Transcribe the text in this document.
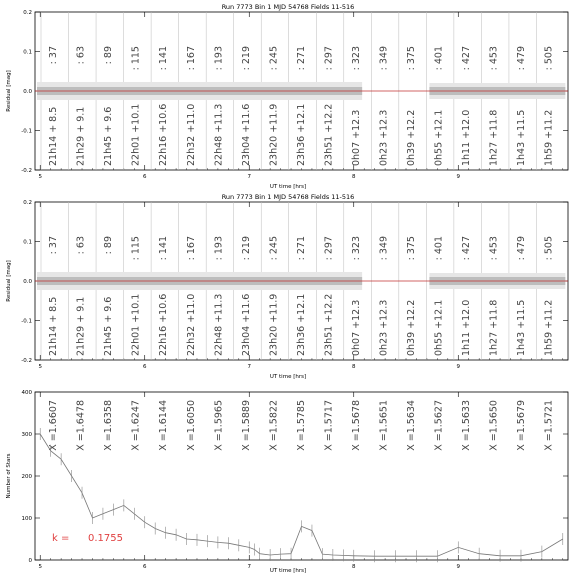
Run 7773 Bin 1 MJD 54768 Fields 11-516
5	6	7	8	9
-0.2
-0.1
0.0
0.1
0.2
: 37
21h14 + 8.5
: 63
21h29 + 9.1
: 89
21h45 + 9.6
: 115
22h01 +10.1
: 141
22h16 +10.6
: 167
22h32 +11.0
: 193
22h48 +11.3
: 219
23h04 +11.6
: 245
23h20 +11.9
: 271
23h36 +12.1
: 297
23h51 +12.2
: 323
0h07 +12.3
: 349
0h23 +12.3
: 375
0h39 +12.2
: 401
0h55 +12.1
: 427
1h11 +12.0
: 453
1h27 +11.8
: 479
1h43 +11.5
: 505
1h59 +11.2
UT time [hrs]
Residual [mag]
Run 7773 Bin 1 MJD 54768 Fields 11-516
5	6	7	8	9
-0.2
-0.1
0.0
0.1
0.2
: 37
21h14 + 8.5
: 63
21h29 + 9.1
: 89
21h45 + 9.6
: 115
22h01 +10.1
: 141
22h16 +10.6
: 167
22h32 +11.0
: 193
22h48 +11.3
: 219
23h04 +11.6
: 245
23h20 +11.9
: 271
23h36 +12.1
: 297
23h51 +12.2
: 323
0h07 +12.3
: 349
0h23 +12.3
: 375
0h39 +12.2
: 401
0h55 +12.1
: 427
1h11 +12.0
: 453
1h27 +11.8
: 479
1h43 +11.5
: 505
1h59 +11.2
UT time [hrs]
Residual [mag]
5	6	7	8	9
0
100
200
300
400
X =1.6607 X =1.6478 X =1.6358 X =1.6247 X =1.6144 X =1.6050 X =1.5965 X =1.5889 X =1.5822 X =1.5785 X =1.5717 X =1.5678 X =1.5651 X =1.5634 X =1.5627 X =1.5633 X =1.5650 X =1.5679 X =1.5721
k = 0.1755
UT time [hrs]
Number of Stars
